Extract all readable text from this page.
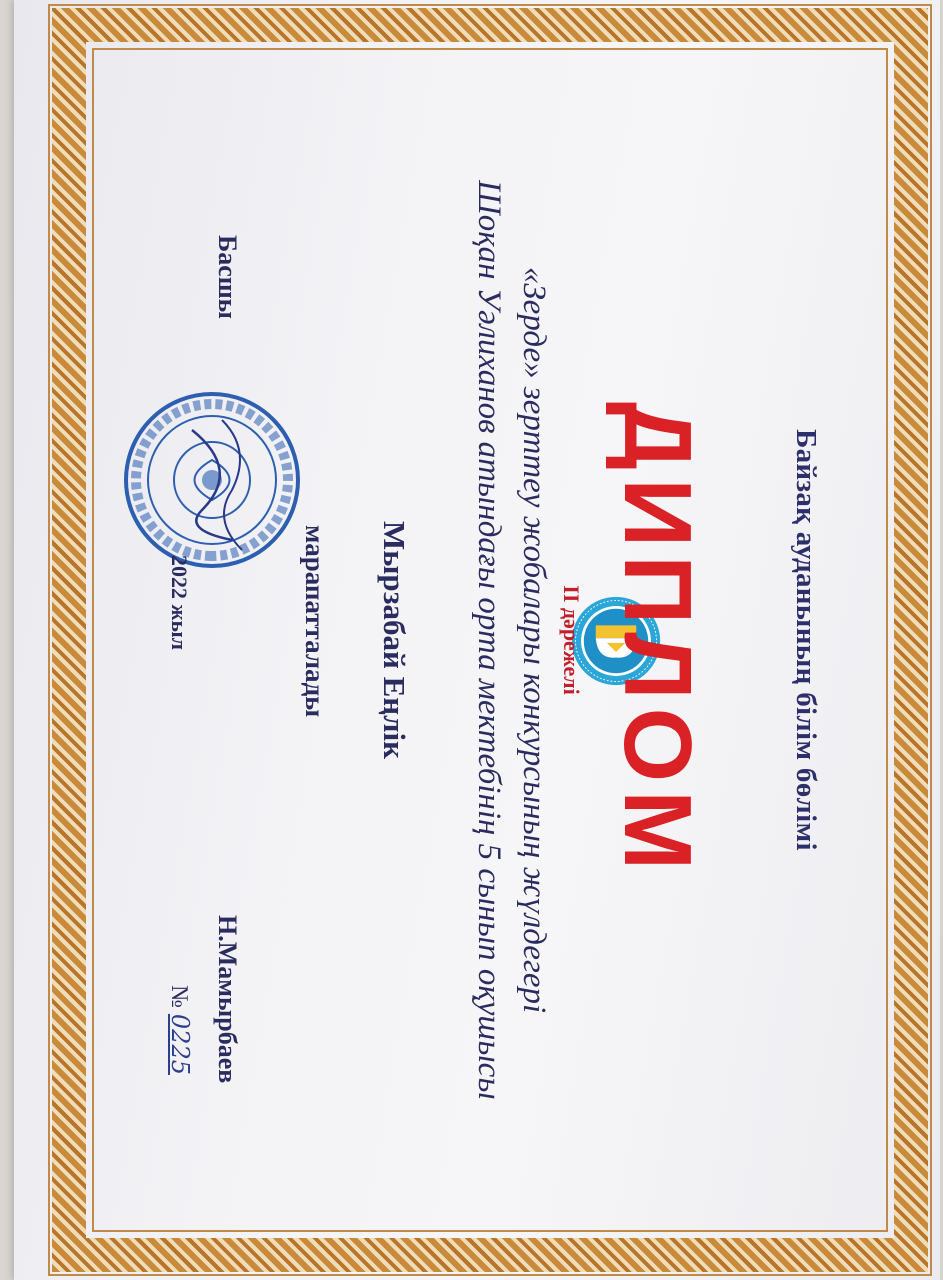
Байзақ ауданының білім бөлімі
ДИПЛОМ
ІІ дәрежелі
«Зерде» зерттеу жобалары конкурсының жүлдегері
Шоқан Уәлиханов атындағы орта мектебінің 5 сынып оқушысы
Мырзабай Еңлік
марапатталады
Басшы
Н.Мамырбаев
2022 жыл
№ 0225
